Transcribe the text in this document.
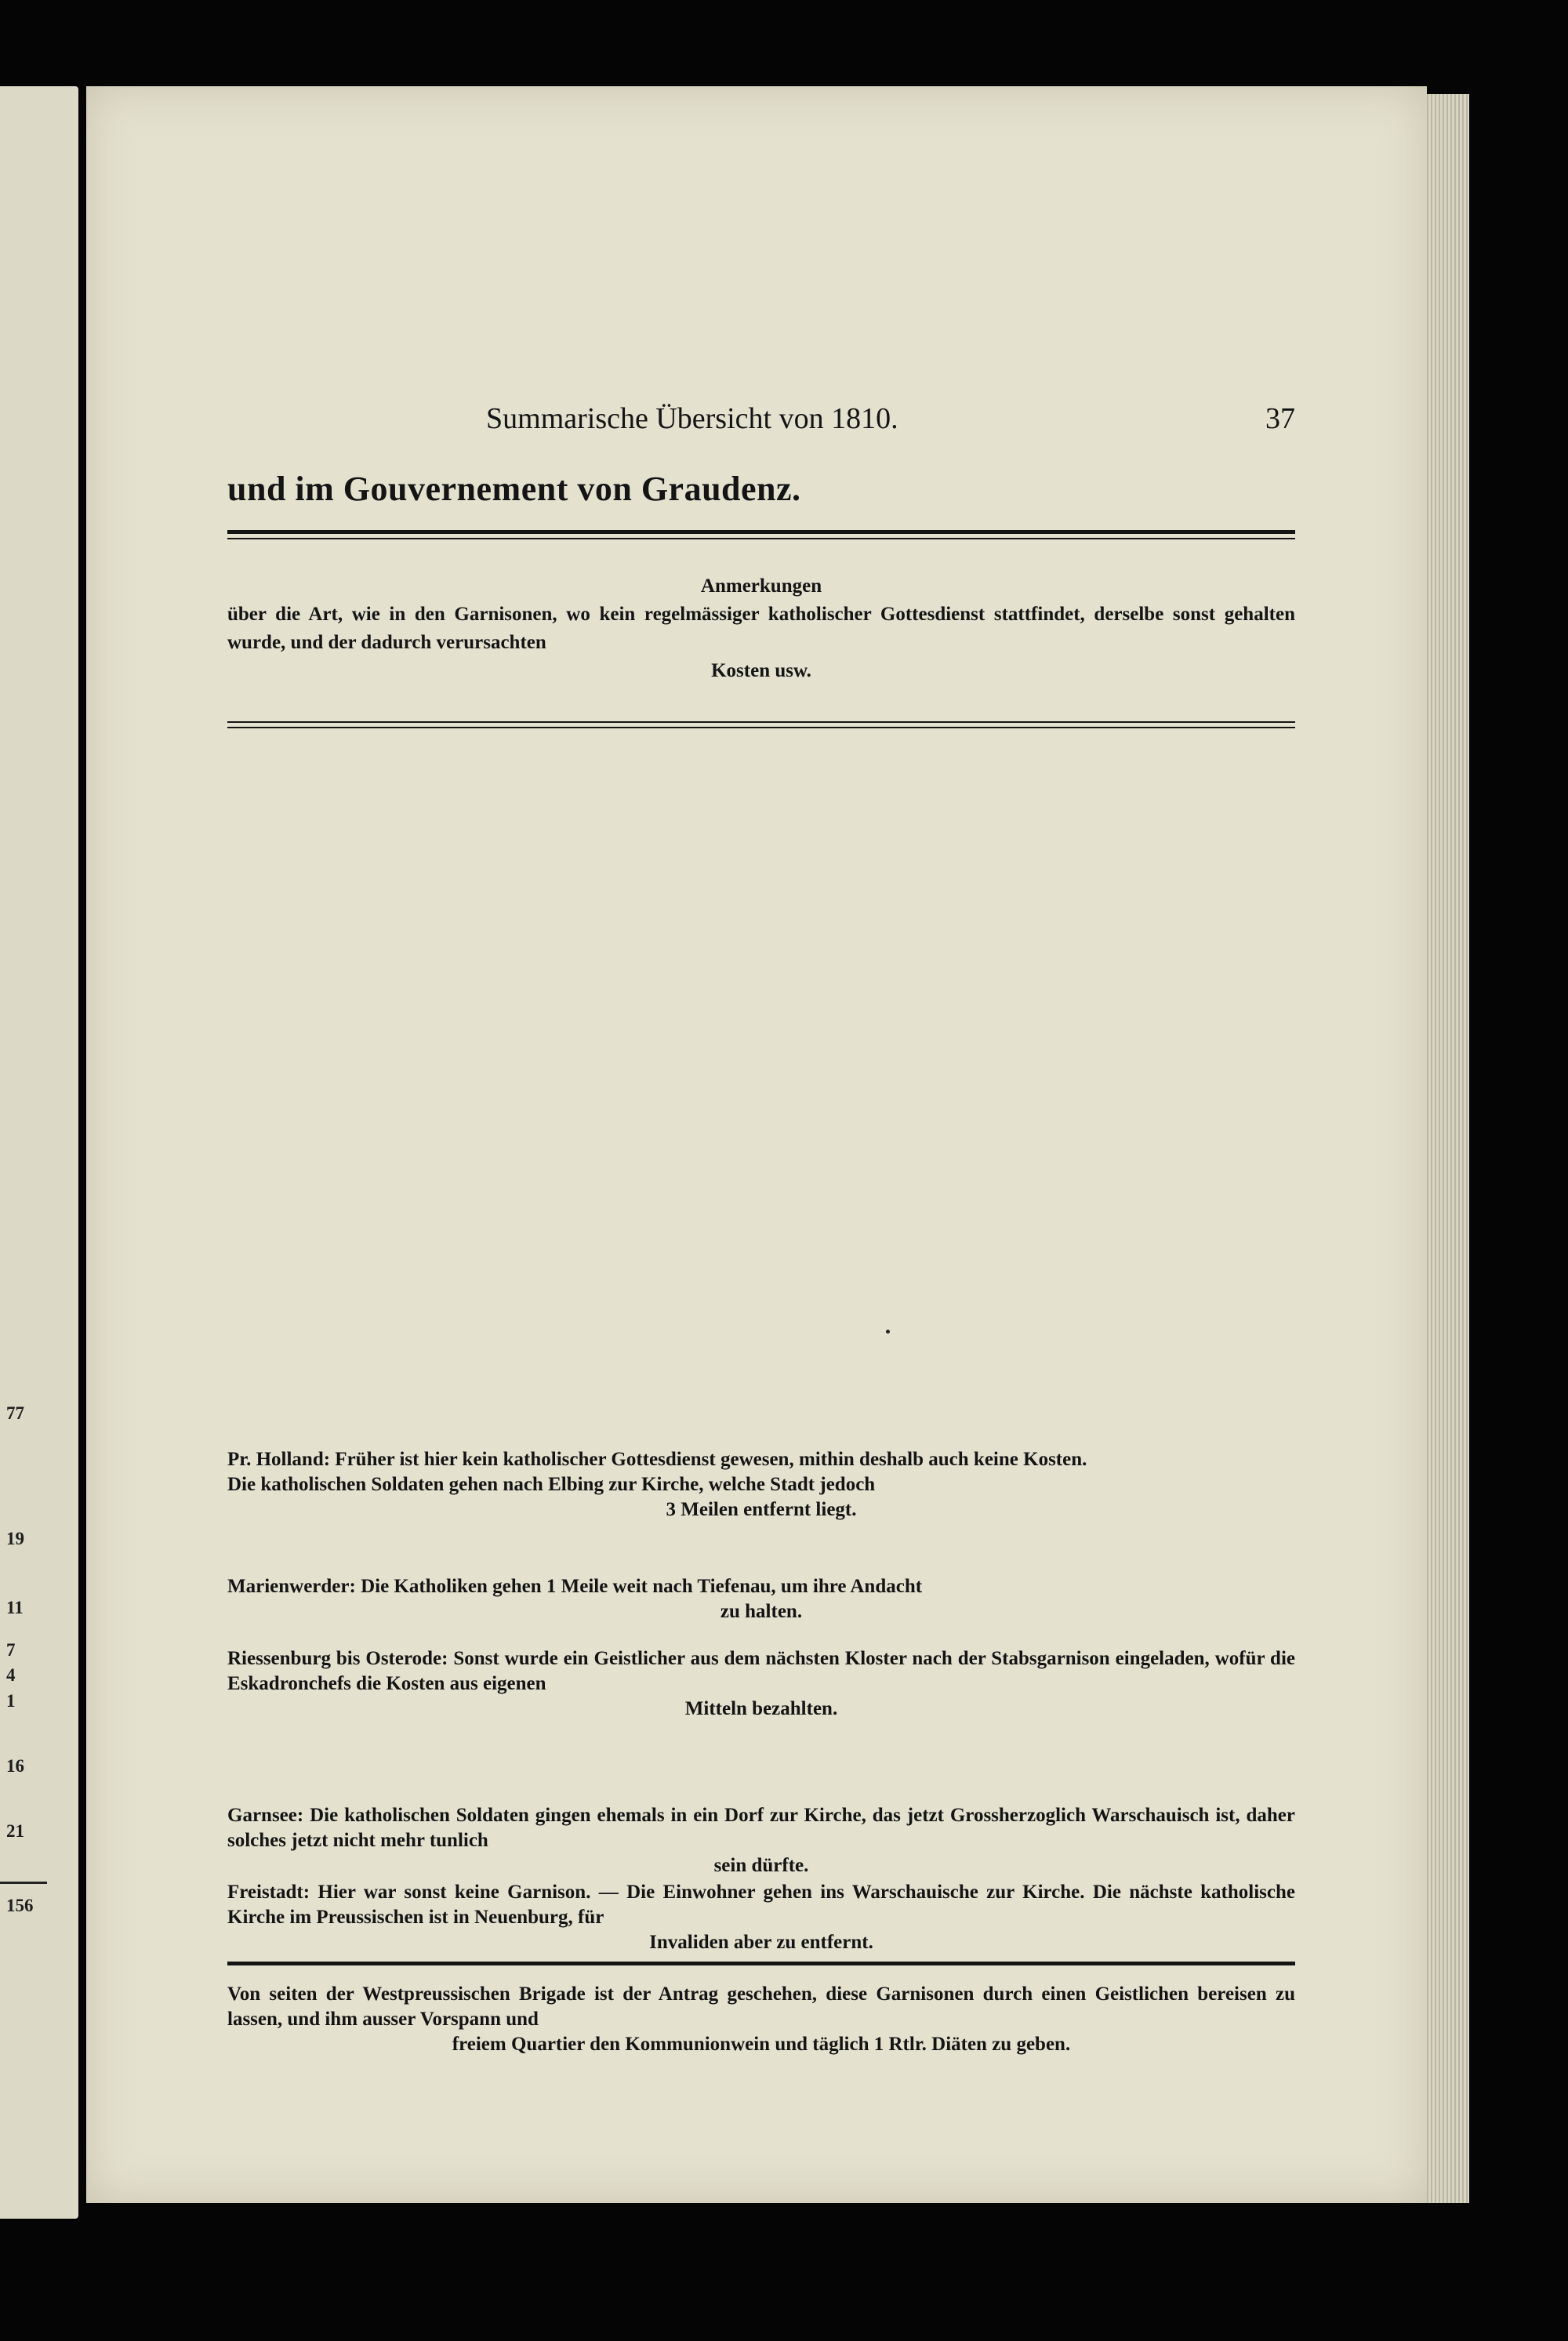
77
19
11
7
4
1
16
21
156
Summarische Übersicht von 1810.	37
und im Gouvernement von Graudenz.
Anmerkungen
über die Art, wie in den Garnisonen, wo kein regelmässiger katholischer Gottesdienst stattfindet, derselbe sonst gehalten wurde, und der dadurch verursachten
Kosten usw.

Pr. Holland: Früher ist hier kein katholischer Gottesdienst gewesen, mithin deshalb auch keine Kosten.

Die katholischen Soldaten gehen nach Elbing zur Kirche, welche Stadt jedoch

3 Meilen entfernt liegt.

Marienwerder: Die Katholiken gehen 1 Meile weit nach Tiefenau, um ihre Andacht

zu halten.

Riessenburg bis Osterode: Sonst wurde ein Geistlicher aus dem nächsten Kloster nach der Stabsgarnison eingeladen, wofür die Eskadronchefs die Kosten aus eigenen

Mitteln bezahlten.

Garnsee: Die katholischen Soldaten gingen ehemals in ein Dorf zur Kirche, das jetzt Grossherzoglich Warschauisch ist, daher solches jetzt nicht mehr tunlich

sein dürfte.

Freistadt: Hier war sonst keine Garnison. — Die Einwohner gehen ins Warschauische zur Kirche. Die nächste katholische Kirche im Preussischen ist in Neuenburg, für

Invaliden aber zu entfernt.

Von seiten der Westpreussischen Brigade ist der Antrag geschehen, diese Garnisonen durch einen Geistlichen bereisen zu lassen, und ihm ausser Vorspann und

freiem Quartier den Kommunionwein und täglich 1 Rtlr. Diäten zu geben.
